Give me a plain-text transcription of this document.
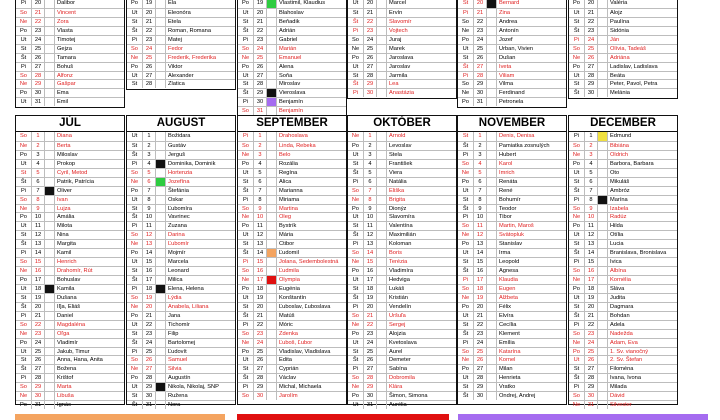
Pi	20	Dalibor
So	21	Vincent
Ne	22	Zora
Po	23	Vlasta
Ut	24	Timotej
St	25	Gejza
Št	26	Tamara
Pi	27	Bohuš
So	28	Alfonz
Ne	29	Gašpar
Po	30	Ema
Ut	31	Emil
Po	19	Ela
Ut	20	Eleonóra
St	21	Etela
Št	22	Roman, Romana
Pi	23	Matej
So	24	Fedor
Ne	25	Frederik, Frederika
Po	26	Viktor
Ut	27	Alexander
St	28	Zlatica
Po	19	Vlastimil, Klaudius
Ut	20	Blahoslav
St	21	Beňadik
Št	22	Adrián
Pi	23	Gabriel
So	24	Marián
Ne	25	Emanuel
Po	26	Alena
Ut	27	Soňa
St	28	Miroslav
Št	29	Vieroslava
Pi	30	Benjamín
So	31	Benjamín
Ut	20	Marcel
St	21	Ervín
Št	22	Slavomír
Pi	23	Vojtech
So	24	Juraj
Ne	25	Marek
Po	26	Jaroslava
Ut	27	Jaroslav
St	28	Jarmila
Št	29	Lea
Pi	30	Anastázia
Št	20	Bernard
Pi	21	Zina
So	22	Andrea
Ne	23	Antonín
Po	24	Jozef
Ut	25	Urban, Vivien
St	26	Dušan
Št	27	Iveta
Pi	28	Viliam
So	29	Vilma
Ne	30	Ferdinand
Po	31	Petronela
Po	20	Valéria
Ut	21	Alojz
St	22	Paulína
Št	23	Sidónia
Pi	24	Ján
So	25	Olívia, Tadeáš
Ne	26	Adriána
Po	27	Ladislav, Ladislava
Ut	28	Beáta
St	29	Peter, Pavol, Petra
Št	30	Melánia
JÚL
So	1	Diana
Ne	2	Berta
Po	3	Miloslav
Ut	4	Prokop
St	5	Cyril, Metod
Št	6	Patrik, Patrícia
Pi	7	Oliver
So	8	Ivan
Ne	9	Lujza
Po	10	Amália
Ut	11	Milota
St	12	Nina
Št	13	Margita
Pi	14	Kamil
So	15	Henrich
Ne	16	Drahomír, Rút
Po	17	Bohuslav
Ut	18	Kamila
St	19	Dušana
Št	20	Iľja, Eliáš
Pi	21	Daniel
So	22	Magdaléna
Ne	23	Oľga
Po	24	Vladimír
Ut	25	Jakub, Timur
St	26	Anna, Hana, Anita
Št	27	Božena
Pi	28	Krištof
So	29	Marta
Ne	30	Libuša
Po	31	Ignác
AUGUST
Ut	1	Božidara
St	2	Gustáv
Št	3	Jerguš
Pi	4	Dominika, Dominik
So	5	Hortenzia
Ne	6	Jozefína
Po	7	Štefánia
Ut	8	Oskar
St	9	Ľubomíra
Št	10	Vavrinec
Pi	11	Zuzana
So	12	Darina
Ne	13	Ľubomír
Po	14	Mojmír
Ut	15	Marcela
St	16	Leonard
Št	17	Milica
Pi	18	Elena, Helena
So	19	Lýdia
Ne	20	Anabela, Liliana
Po	21	Jana
Ut	22	Tichomír
St	23	Filip
Št	24	Bartolomej
Pi	25	Ľudovít
So	26	Samuel
Ne	27	Silvia
Po	28	Augustín
Ut	29	Nikola, Nikolaj, SNP
St	30	Ružena
Št	31	Nora
SEPTEMBER
Pi	1	Drahoslava
So	2	Linda, Rebeka
Ne	3	Belo
Po	4	Rozália
Ut	5	Regína
St	6	Alica
Št	7	Marianna
Pi	8	Miriama
So	9	Martina
Ne	10	Oleg
Po	11	Bystrík
Ut	12	Mária
St	13	Ctibor
Št	14	Ľudomil
Pi	15	Jolana, Sedembolestná
So	16	Ľudmila
Ne	17	Olympia
Po	18	Eugénia
Ut	19	Konštantín
St	20	Ľuboslav, Ľuboslava
Št	21	Matúš
Pi	22	Móric
So	23	Zdenka
Ne	24	Ľuboš, Ľubor
Po	25	Vladislav, Vladislava
Ut	26	Edita
St	27	Cyprián
Št	28	Václav
Pi	29	Michal, Michaela
So	30	Jarolím
OKTÓBER
Ne	1	Arnold
Po	2	Levoslav
Ut	3	Stela
St	4	František
Št	5	Viera
Pi	6	Natália
So	7	Eliška
Ne	8	Brigita
Po	9	Dionýz
Ut	10	Slavomíra
St	11	Valentína
Št	12	Maximilián
Pi	13	Koloman
So	14	Boris
Ne	15	Terézia
Po	16	Vladimíra
Ut	17	Hedviga
St	18	Lukáš
Št	19	Kristián
Pi	20	Vendelín
So	21	Uršuľa
Ne	22	Sergej
Po	23	Alojzia
Ut	24	Kvetoslava
St	25	Aurel
Št	26	Demeter
Pi	27	Sabína
So	28	Dobromila
Ne	29	Klára
Po	30	Šimon, Simona
Ut	31	Aurélia
NOVEMBER
St	1	Denis, Denisa
Št	2	Pamiatka zosnulých
Pi	3	Hubert
So	4	Karol
Ne	5	Imrich
Po	6	Renáta
Ut	7	René
St	8	Bohumír
Št	9	Teodor
Pi	10	Tibor
So	11	Martin, Maroš
Ne	12	Svätopluk
Po	13	Stanislav
Ut	14	Irma
St	15	Leopold
Št	16	Agnesa
Pi	17	Klaudia
So	18	Eugen
Ne	19	Alžbeta
Po	20	Félix
Ut	21	Elvíra
St	22	Cecília
Št	23	Klement
Pi	24	Emília
So	25	Katarína
Ne	26	Kornel
Po	27	Milan
Ut	28	Henrieta
St	29	Vratko
Št	30	Ondrej, Andrej
DECEMBER
Pi	1	Edmund
So	2	Bibiána
Ne	3	Oldrich
Po	4	Barbora, Barbara
Ut	5	Oto
St	6	Mikuláš
Št	7	Ambróz
Pi	8	Marína
So	9	Izabela
Ne	10	Radúz
Po	11	Hilda
Ut	12	Otília
St	13	Lucia
Št	14	Branislava, Bronislava
Pi	15	Ivica
So	16	Albína
Ne	17	Kornélia
Po	18	Sláva
Ut	19	Judita
St	20	Dagmara
Št	21	Bohdan
Pi	22	Adela
So	23	Nadežda
Ne	24	Adam, Eva
Po	25	1. Sv. vianočný
Ut	26	2. Sv. Štefan
St	27	Filoména
Št	28	Ivana, Ivona
Pi	29	Milada
So	30	Dávid
Ne	31	Silvester
